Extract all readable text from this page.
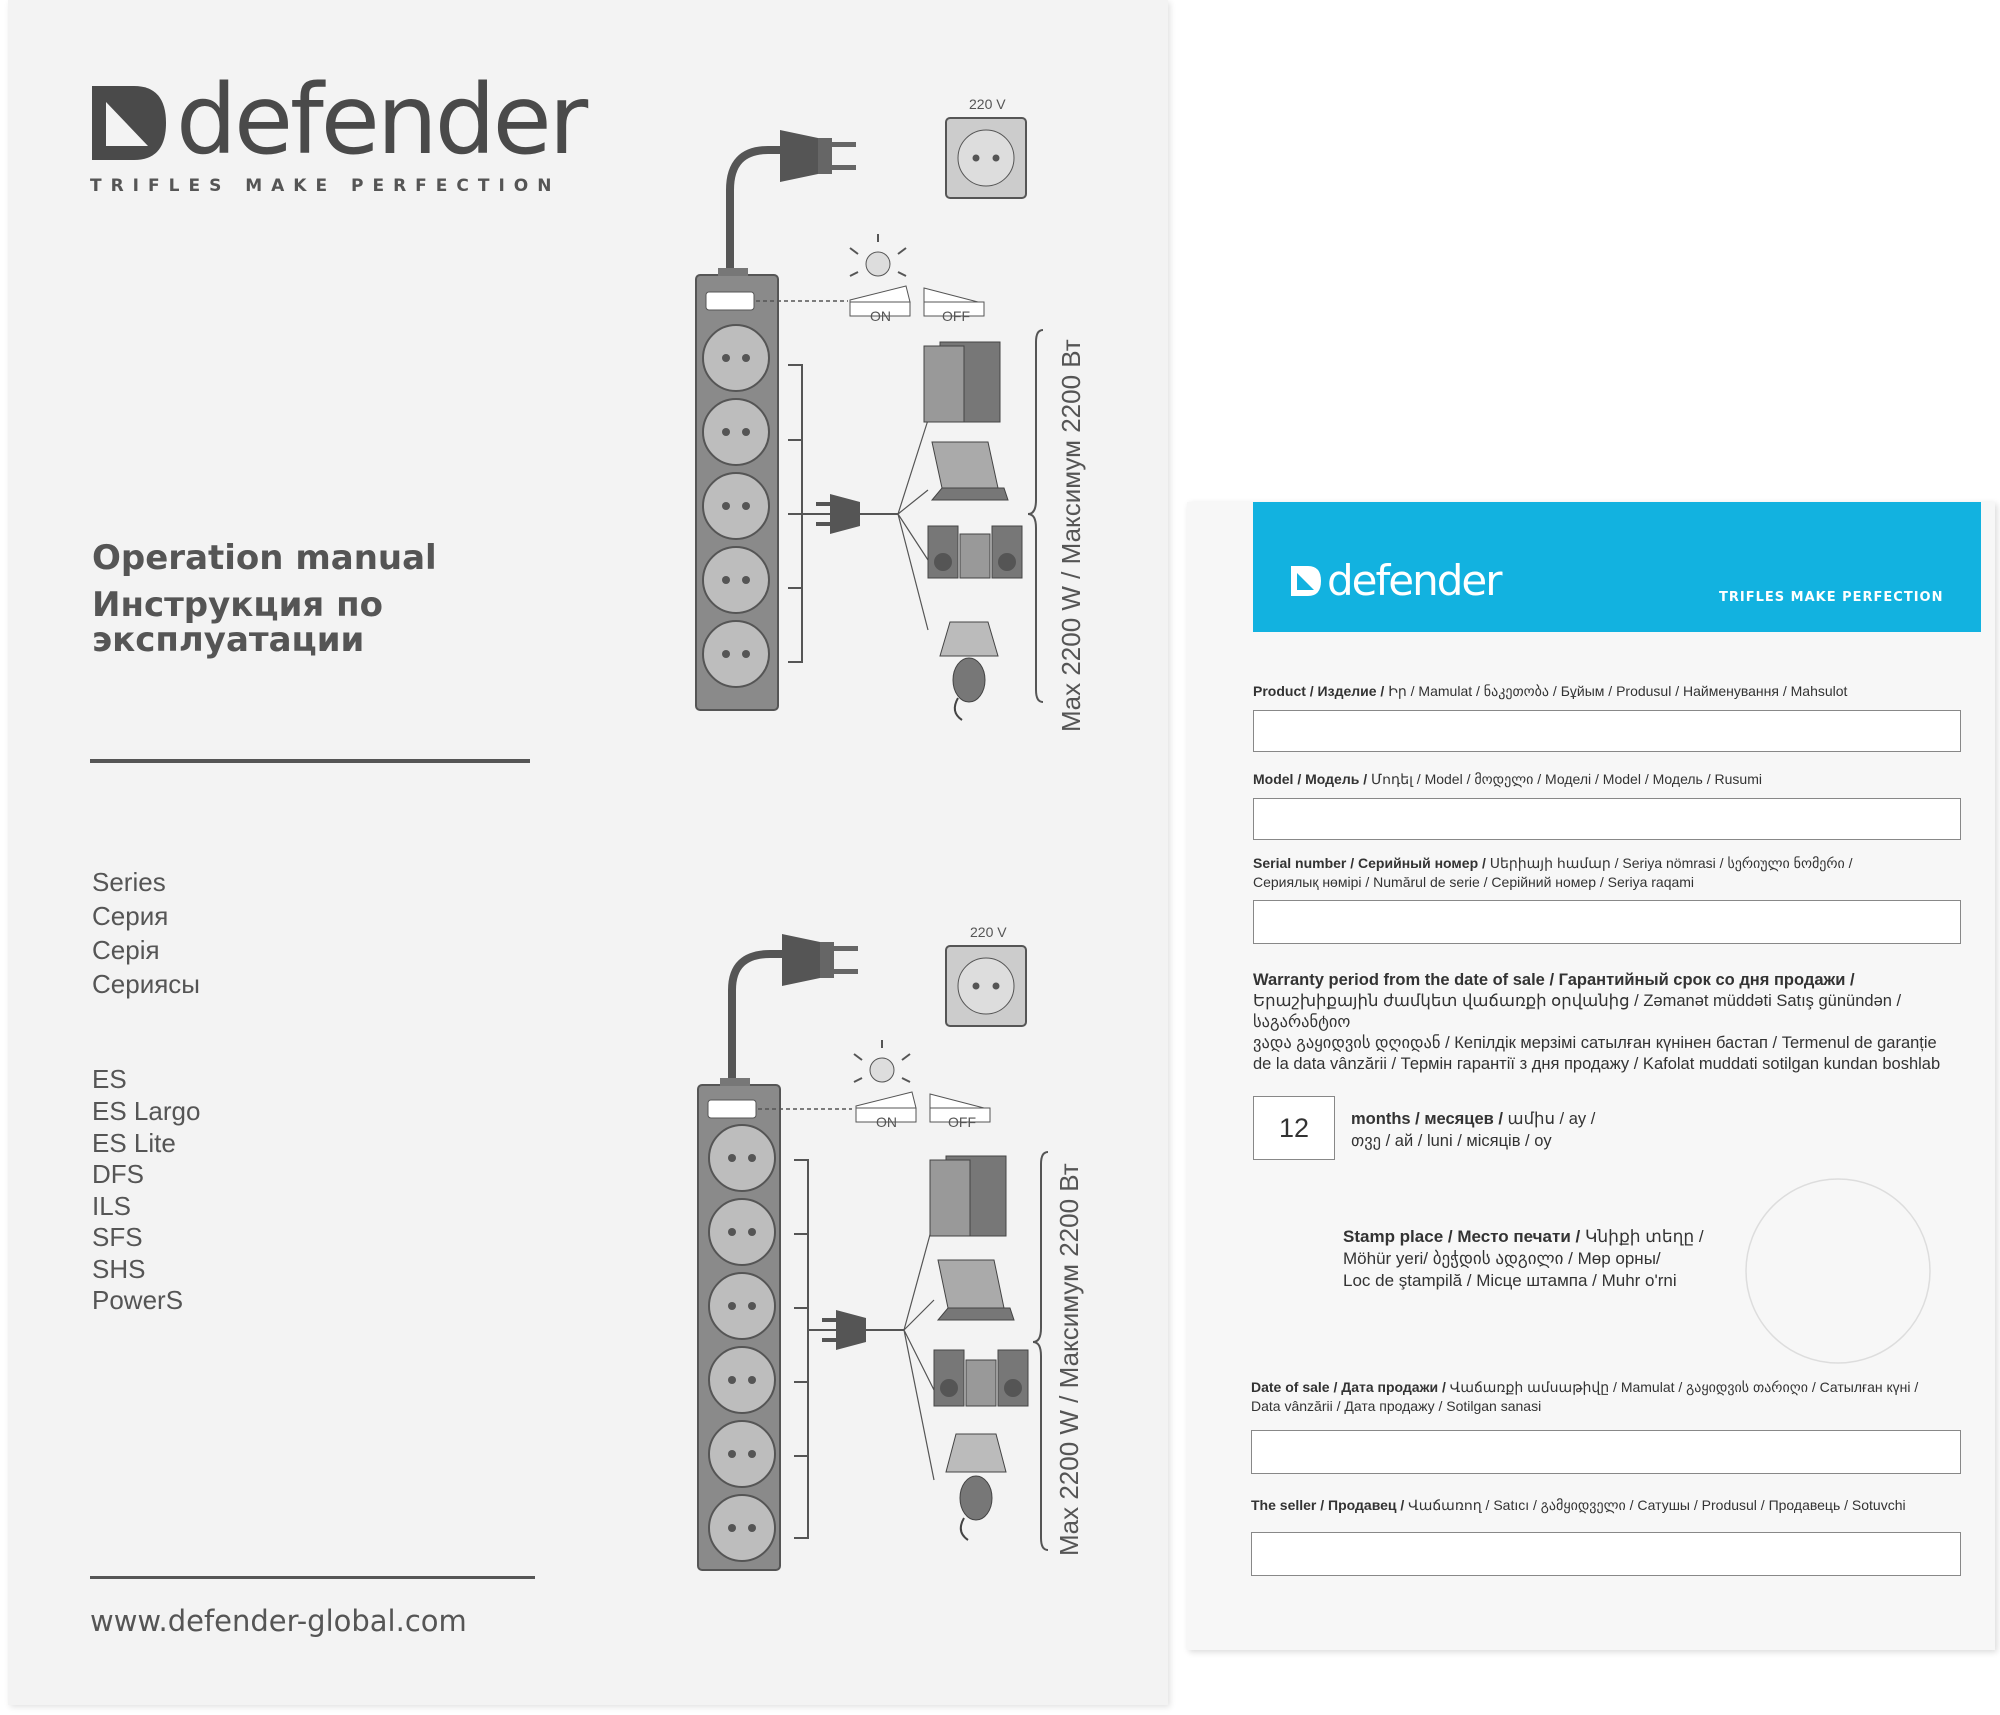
defender
TRIFLES MAKE PERFECTION
Operation manual
Инструкция по
эксплуатации
Series
Серия
Серія
Сериясы
ES
ES Largo
ES Lite
DFS
ILS
SFS
SHS
PowerS
www.defender-global.com
220 V
ON	OFF
Max 2200 W / Максимум 2200 Вт
220 V
ON	OFF
Max 2200 W / Максимум 2200 Вт
defender	TRIFLES MAKE PERFECTION
Product / Изделие / Իր / Mamulat / ნაკეთობა / Бұйым / Produsul / Найменування / Mahsulot
Model / Модель / Մոդել / Model / მოდელი / Моделі / Model / Модель / Rusumi
Serial number / Серийный номер / Սերիայի համար / Seriya nömrasi / სერიული ნომერი /
Сериялық нөмірі / Numărul de serie / Серійний номер / Seriya raqami
Warranty period from the date of sale / Гарантийный срок со дня продажи /
Երաշխիքային ժամկետ վաճառքի օրվանից / Zəmanət müddəti Satış günündən / საგარანტიო
ვადა გაყიდვის დღიდან / Кепілдік мерзімі сатылған күнінен бастап / Termenul de garanție
de la data vânzării / Термін гарантії з дня продажу / Kafolat muddati sotilgan kundan boshlab
12	months / месяцев / ամիս / ay /
თვე / ай / luni / місяців / oy
Stamp place / Место печати / Կնիքի տեղը /
Möhür yeri/ ბეჭდის ადგილი / Мөр орны/
Loc de ştampilă / Місце штампа / Muhr o'rni
Date of sale / Дата продажи / Վաճառքի ամսաթիվը / Mamulat / გაყიდვის თარიღი / Сатылған күні /
Data vânzării / Дата продажу / Sotilgan sanasi
The seller / Продавец / Վաճառող / Satıcı / გამყიდველი / Сатушы / Produsul / Продавець / Sotuvchi
